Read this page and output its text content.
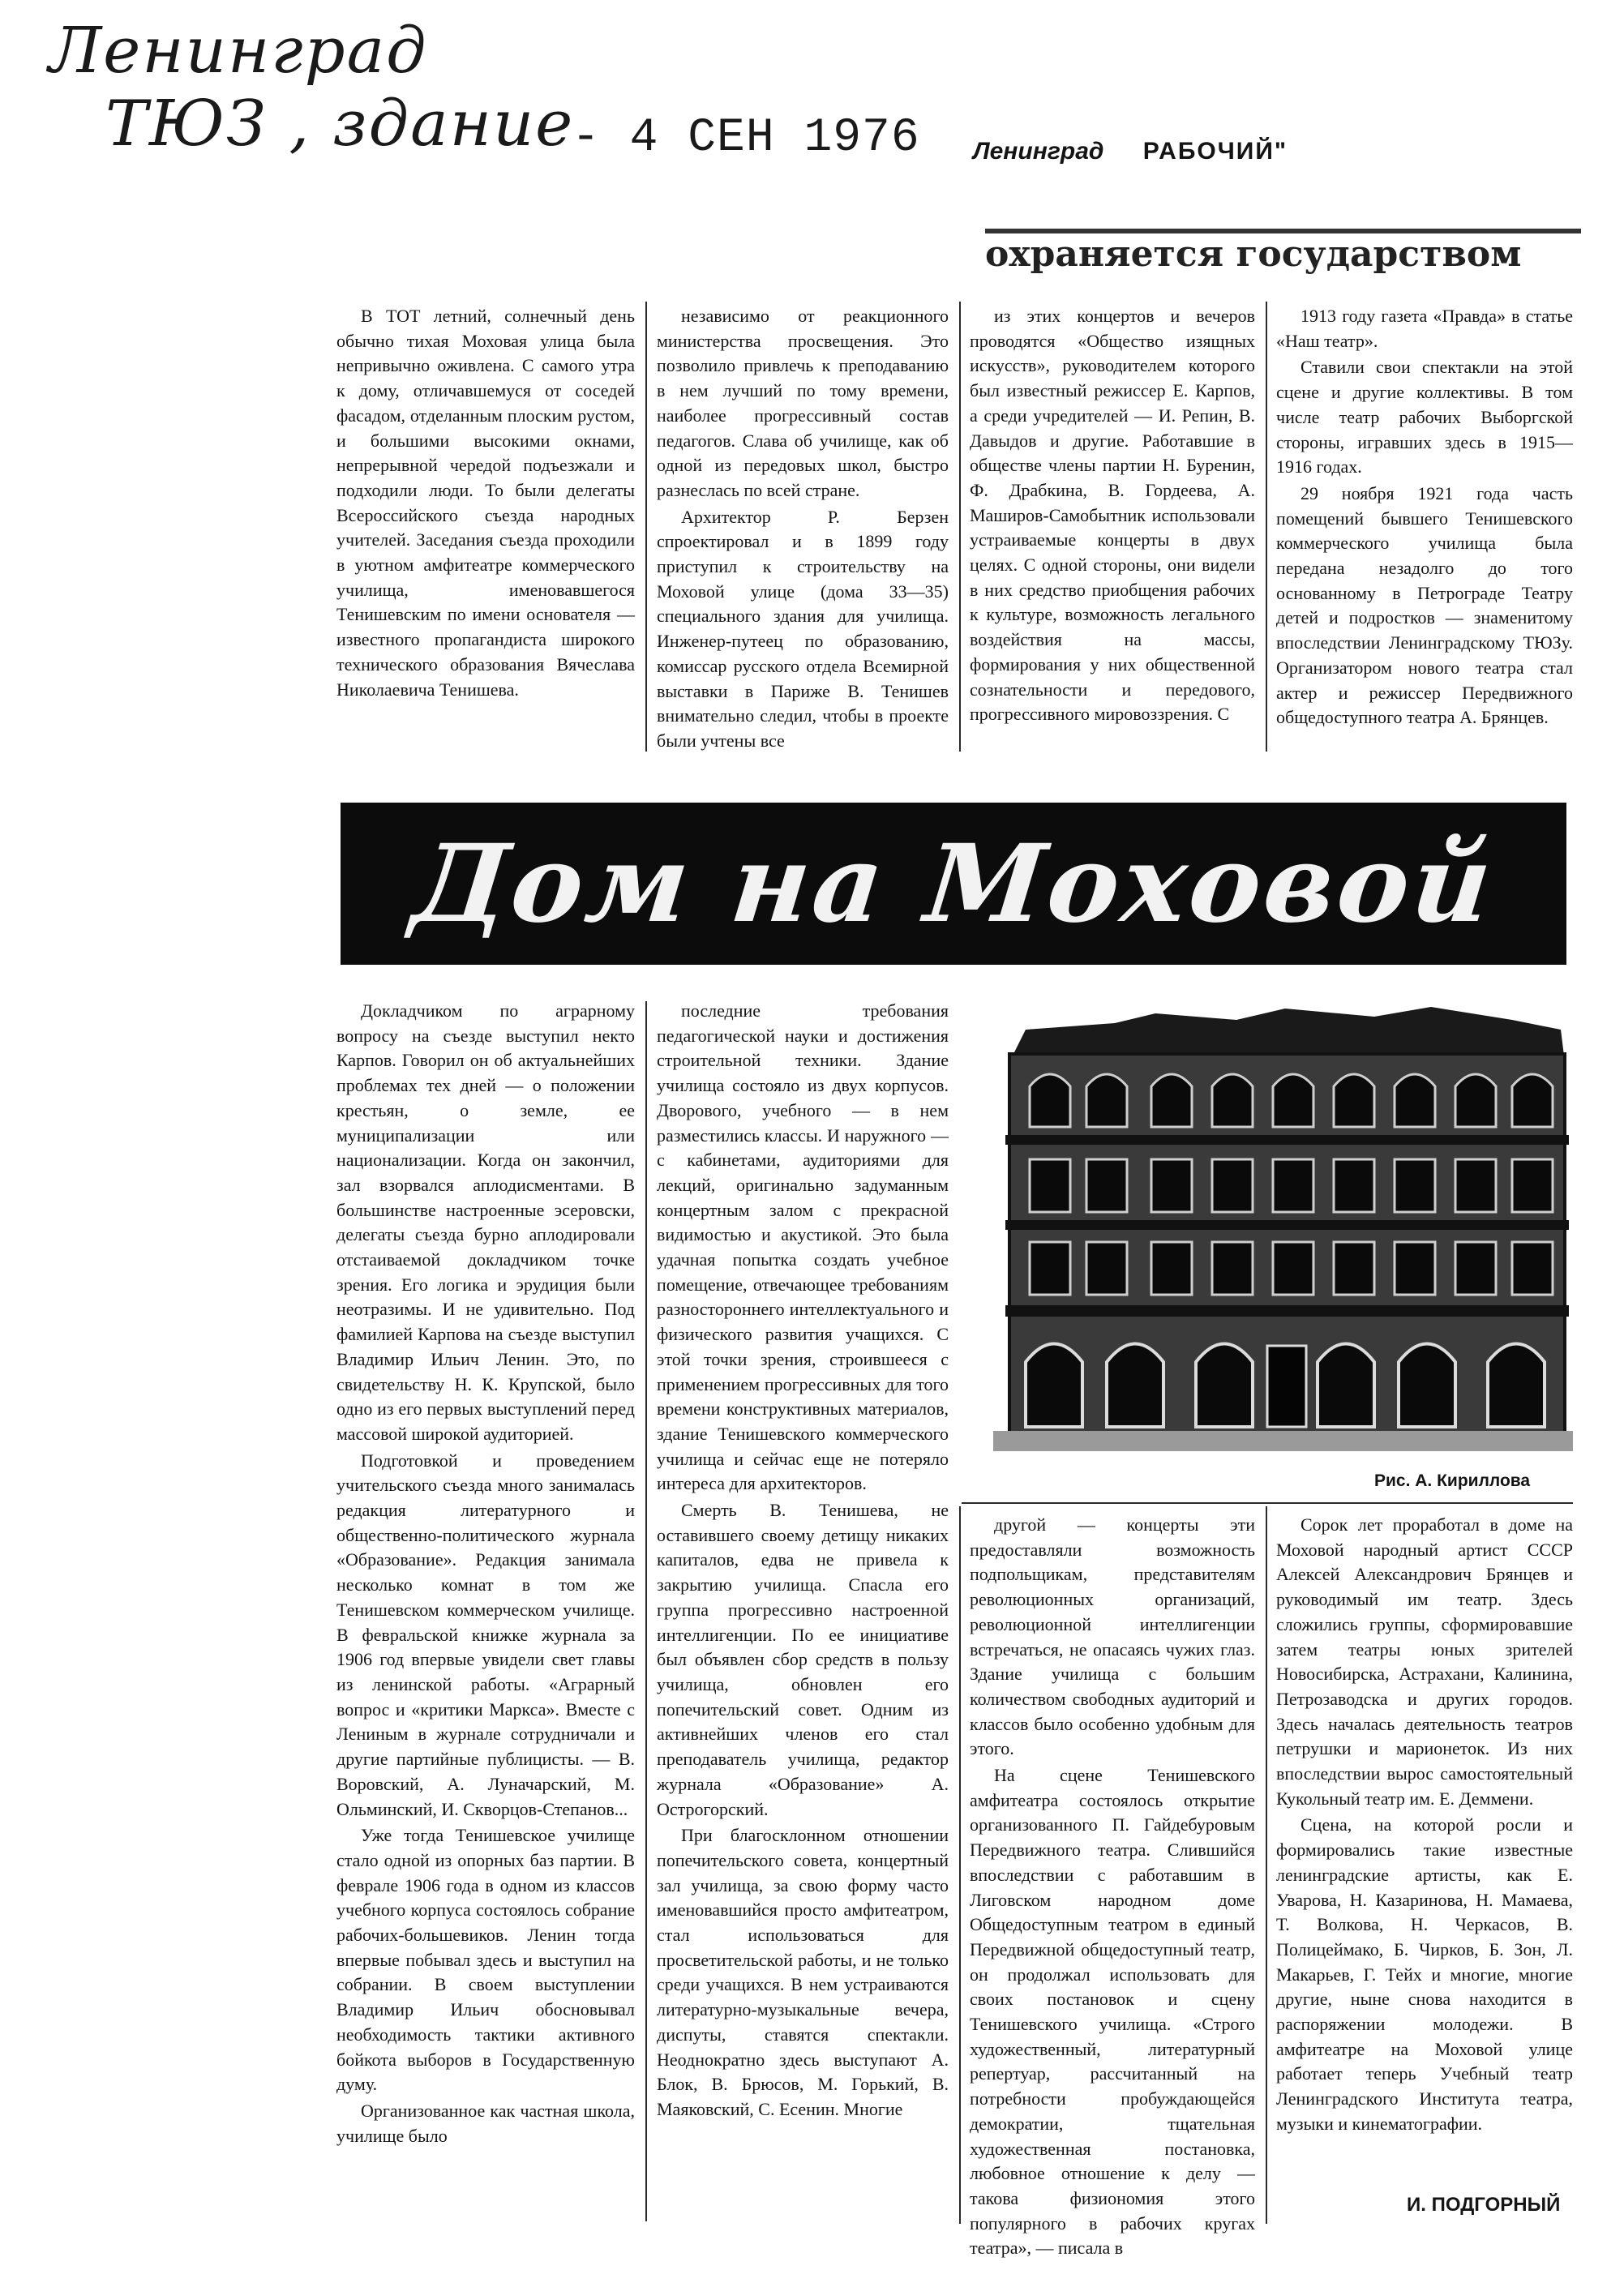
Ленинград
ТЮЗ , здание
- 4 СЕН 1976 Ленинград РАБОЧИЙ"
охраняется государством

В ТОТ летний, солнечный день обычно тихая Моховая улица была непривычно оживлена. С самого утра к дому, отличавшемуся от соседей фасадом, отделанным плоским рустом, и большими высокими окнами, непрерывной чередой подъезжали и подходили люди. То были делегаты Всероссийского съезда народных учителей. Заседания съезда проходили в уютном амфитеатре коммерческого училища, именовавшегося Тенишевским по имени основателя — известного пропагандиста широкого технического образования Вячеслава Николаевича Тенишева.

независимо от реакционного министерства просвещения. Это позволило привлечь к преподаванию в нем лучший по тому времени, наиболее прогрессивный состав педагогов. Слава об училище, как об одной из передовых школ, быстро разнеслась по всей стране.

Архитектор Р. Берзен спроектировал и в 1899 году приступил к строительству на Моховой улице (дома 33—35) специального здания для училища. Инженер-путеец по образованию, комиссар русского отдела Всемирной выставки в Париже В. Тенишев внимательно следил, чтобы в проекте были учтены все

из этих концертов и вечеров проводятся «Общество изящных искусств», руководителем которого был известный режиссер Е. Карпов, а среди учредителей — И. Репин, В. Давыдов и другие. Работавшие в обществе члены партии Н. Буренин, Ф. Драбкина, В. Гордеева, А. Маширов-Самобытник использовали устраиваемые концерты в двух целях. С одной стороны, они видели в них средство приобщения рабочих к культуре, возможность легального воздействия на массы, формирования у них общественной сознательности и передового, прогрессивного мировоззрения. С

1913 году газета «Правда» в статье «Наш театр».

Ставили свои спектакли на этой сцене и другие коллективы. В том числе театр рабочих Выборгской стороны, игравших здесь в 1915—1916 годах.

29 ноября 1921 года часть помещений бывшего Тенишевского коммерческого училища была передана незадолго до того основанному в Петрограде Театру детей и подростков — знаменитому впоследствии Ленинградскому ТЮЗу. Организатором нового театра стал актер и режиссер Передвижного общедоступного театра А. Брянцев.

Дом на Моховой

Докладчиком по аграрному вопросу на съезде выступил некто Карпов. Говорил он об актуальнейших проблемах тех дней — о положении крестьян, о земле, ее муниципализации или национализации. Когда он закончил, зал взорвался аплодисментами. В большинстве настроенные эсеровски, делегаты съезда бурно аплодировали отстаиваемой докладчиком точке зрения. Его логика и эрудиция были неотразимы. И не удивительно. Под фамилией Карпова на съезде выступил Владимир Ильич Ленин. Это, по свидетельству Н. К. Крупской, было одно из его первых выступлений перед массовой широкой аудиторией.

Подготовкой и проведением учительского съезда много занималась редакция литературного и общественно-политического журнала «Образование». Редакция занимала несколько комнат в том же Тенишевском коммерческом училище. В февральской книжке журнала за 1906 год впервые увидели свет главы из ленинской работы. «Аграрный вопрос и «критики Маркса». Вместе с Лениным в журнале сотрудничали и другие партийные публицисты. — В. Воровский, А. Луначарский, М. Ольминский, И. Скворцов-Степанов...

Уже тогда Тенишевское училище стало одной из опорных баз партии. В феврале 1906 года в одном из классов учебного корпуса состоялось собрание рабочих-большевиков. Ленин тогда впервые побывал здесь и выступил на собрании. В своем выступлении Владимир Ильич обосновывал необходимость тактики активного бойкота выборов в Государственную думу.

Организованное как частная школа, училище было

последние требования педагогической науки и достижения строительной техники. Здание училища состояло из двух корпусов. Дворового, учебного — в нем разместились классы. И наружного — с кабинетами, аудиториями для лекций, оригинально задуманным концертным залом с прекрасной видимостью и акустикой. Это была удачная попытка создать учебное помещение, отвечающее требованиям разностороннего интеллектуального и физического развития учащихся. С этой точки зрения, строившееся с применением прогрессивных для того времени конструктивных материалов, здание Тенишевского коммерческого училища и сейчас еще не потеряло интереса для архитекторов.

Смерть В. Тенишева, не оставившего своему детищу никаких капиталов, едва не привела к закрытию училища. Спасла его группа прогрессивно настроенной интеллигенции. По ее инициативе был объявлен сбор средств в пользу училища, обновлен его попечительский совет. Одним из активнейших членов его стал преподаватель училища, редактор журнала «Образование» А. Острогорский.

При благосклонном отношении попечительского совета, концертный зал училища, за свою форму часто именовавшийся просто амфитеатром, стал использоваться для просветительской работы, и не только среди учащихся. В нем устраиваются литературно-музыкальные вечера, диспуты, ставятся спектакли. Неоднократно здесь выступают А. Блок, В. Брюсов, М. Горький, В. Маяковский, С. Есенин. Многие

другой — концерты эти предоставляли возможность подпольщикам, представителям революционных организаций, революционной интеллигенции встречаться, не опасаясь чужих глаз. Здание училища с большим количеством свободных аудиторий и классов было особенно удобным для этого.

На сцене Тенишевского амфитеатра состоялось открытие организованного П. Гайдебуровым Передвижного театра. Слившийся впоследствии с работавшим в Лиговском народном доме Общедоступным театром в единый Передвижной общедоступный театр, он продолжал использовать для своих постановок и сцену Тенишевского училища. «Строго художественный, литературный репертуар, рассчитанный на потребности пробуждающейся демократии, тщательная художественная постановка, любовное отношение к делу — такова физиономия этого популярного в рабочих кругах театра», — писала в

Сорок лет проработал в доме на Моховой народный артист СССР Алексей Александрович Брянцев и руководимый им театр. Здесь сложились группы, сформировавшие затем театры юных зрителей Новосибирска, Астрахани, Калинина, Петрозаводска и других городов. Здесь началась деятельность театров петрушки и марионеток. Из них впоследствии вырос самостоятельный Кукольный театр им. Е. Деммени.

Сцена, на которой росли и формировались такие известные ленинградские артисты, как Е. Уварова, Н. Казаринова, Н. Мамаева, Т. Волкова, Н. Черкасов, В. Полицеймако, Б. Чирков, Б. Зон, Л. Макарьев, Г. Тейх и многие, многие другие, ныне снова находится в распоряжении молодежи. В амфитеатре на Моховой улице работает теперь Учебный театр Ленинградского Института театра, музыки и кинематографии.

Рис. А. Кириллова
И. ПОДГОРНЫЙ
